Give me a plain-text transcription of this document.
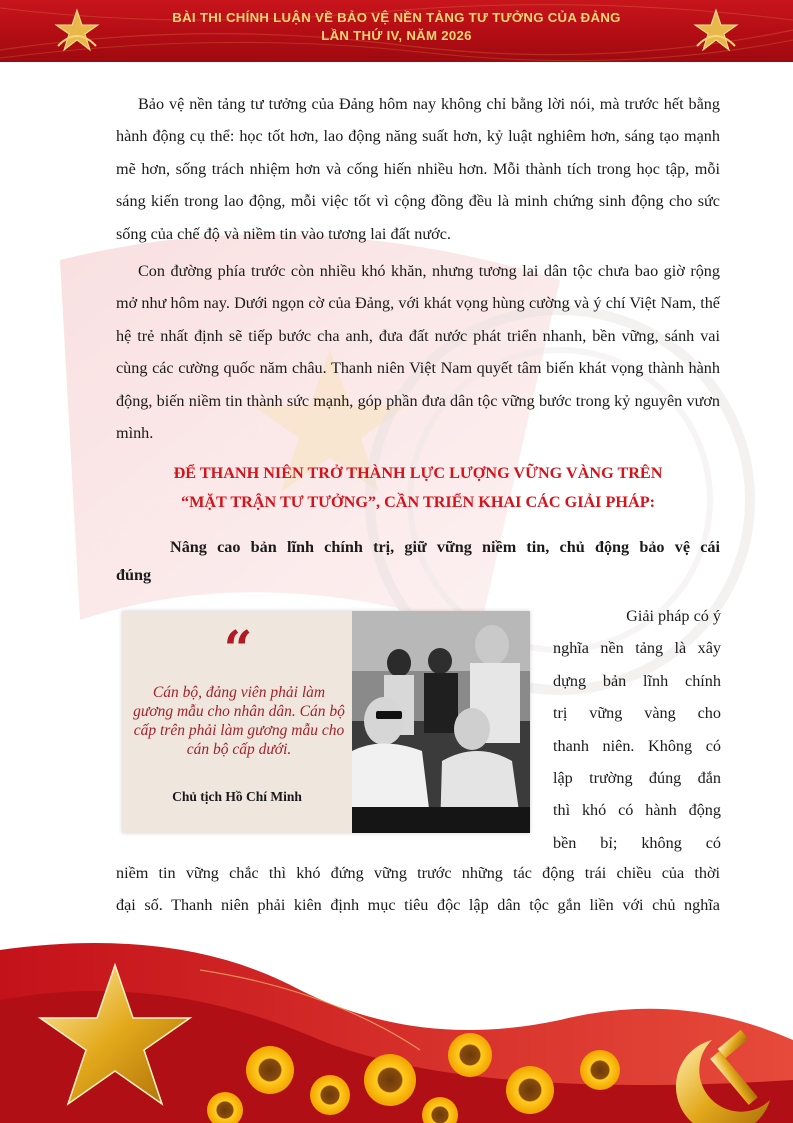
BÀI THI CHÍNH LUẬN VỀ BẢO VỆ NỀN TẢNG TƯ TƯỞNG CỦA ĐẢNG
LẦN THỨ IV, NĂM 2026

Bảo vệ nền tảng tư tưởng của Đảng hôm nay không chỉ bằng lời nói, mà trước hết bằng hành động cụ thể: học tốt hơn, lao động năng suất hơn, kỷ luật nghiêm hơn, sáng tạo mạnh mẽ hơn, sống trách nhiệm hơn và cống hiến nhiều hơn. Mỗi thành tích trong học tập, mỗi sáng kiến trong lao động, mỗi việc tốt vì cộng đồng đều là minh chứng sinh động cho sức sống của chế độ và niềm tin vào tương lai đất nước.

Con đường phía trước còn nhiều khó khăn, nhưng tương lai dân tộc chưa bao giờ rộng mở như hôm nay. Dưới ngọn cờ của Đảng, với khát vọng hùng cường và ý chí Việt Nam, thế hệ trẻ nhất định sẽ tiếp bước cha anh, đưa đất nước phát triển nhanh, bền vững, sánh vai cùng các cường quốc năm châu. Thanh niên Việt Nam quyết tâm biến khát vọng thành hành động, biến niềm tin thành sức mạnh, góp phần đưa dân tộc vững bước trong kỷ nguyên vươn mình.

ĐỂ THANH NIÊN TRỞ THÀNH LỰC LƯỢNG VỮNG VÀNG TRÊN

“MẶT TRẬN TƯ TƯỞNG”, CẦN TRIỂN KHAI CÁC GIẢI PHÁP:

Nâng cao bản lĩnh chính trị, giữ vững niềm tin, chủ động bảo vệ cái

đúng

“

Cán bộ, đảng viên phải làm gương mẫu cho nhân dân. Cán bộ cấp trên phải làm gương mẫu cho cán bộ cấp dưới.

Chủ tịch Hồ Chí Minh
Giải pháp có ý
nghĩa nền tảng là xây
dựng bản lĩnh chính
trị vững vàng cho
thanh niên. Không có
lập trường đúng đắn
thì khó có hành động
bền bỉ; không có

niềm tin vững chắc thì khó đứng vững trước những tác động trái chiều của thời
đại số. Thanh niên phải kiên định mục tiêu độc lập dân tộc gắn liền với chủ nghĩa
